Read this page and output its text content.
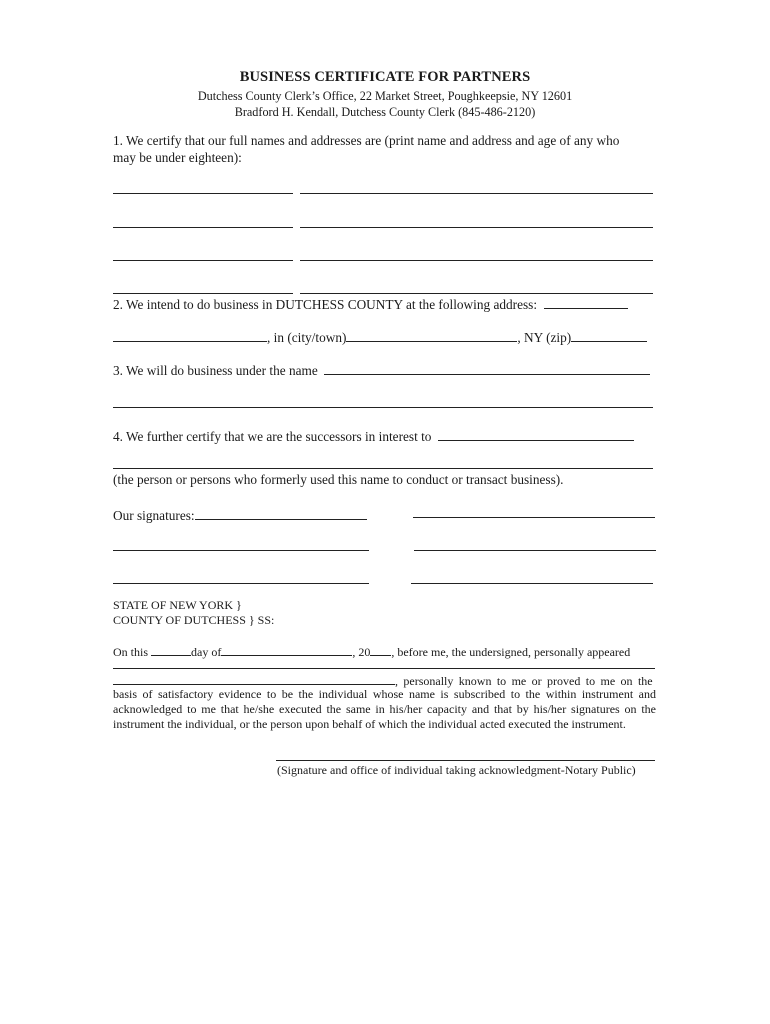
BUSINESS CERTIFICATE FOR PARTNERS
Dutchess County Clerk’s Office, 22 Market Street, Poughkeepsie, NY 12601
Bradford H. Kendall, Dutchess County Clerk (845-486-2120)
1. We certify that our full names and addresses are (print name and address and age of any who
may be under eighteen):
2. We intend to do business in DUTCHESS COUNTY at the following address:
, in (city/town)	, NY (zip)
3. We will do business under the name
4. We further certify that we are the successors in interest to
(the person or persons who formerly used this name to conduct or transact business).
Our signatures:
STATE OF NEW YORK }
COUNTY OF DUTCHESS } SS:
On this	day of	, 20 , before me, the undersigned, personally appeared
, personally known to me or proved to me on the
basis of satisfactory evidence to be the individual whose name is subscribed to the within instrument and
acknowledged to me that he/she executed the same in his/her capacity and that by his/her signatures on the
instrument the individual, or the person upon behalf of which the individual acted executed the instrument.
(Signature and office of individual taking acknowledgment-Notary Public)
